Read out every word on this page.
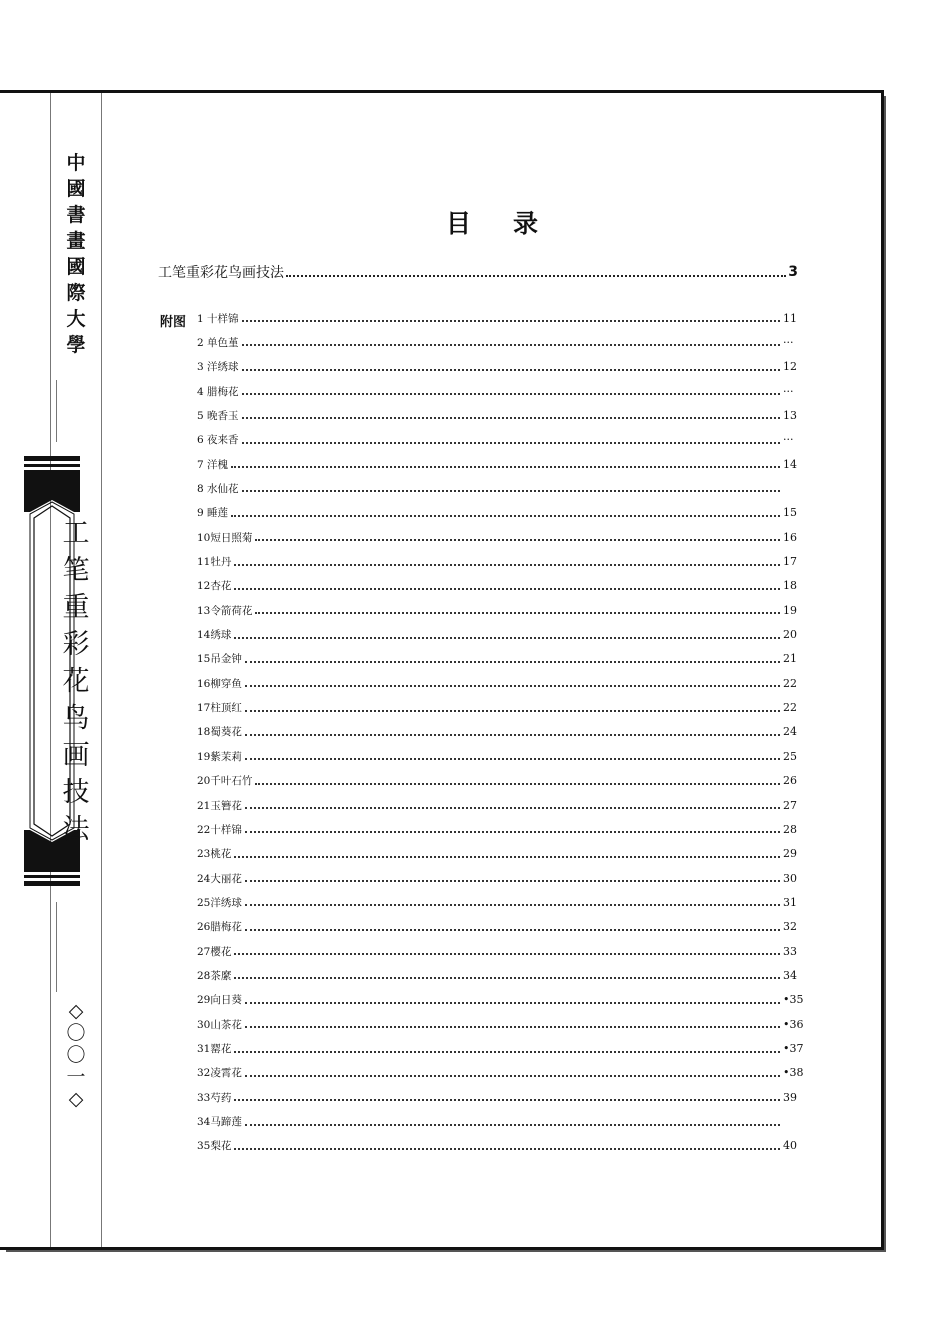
中
國
書
畫
國
際
大
學
工
笔
重
彩
花
鸟
画
技
法
◇
〇
〇
一
◇
目录
工笔重彩花鸟画技法	3
附图 1 十样锦	11
2 单色堇	···
3 洋绣球	12
4 腊梅花	···
5 晚香玉	13
6 夜来香	···
7 洋槐	14
8 水仙花
9 睡莲	15
10短日照菊	16
11牡丹	17
12杏花	18
13令箭荷花	19
14绣球	20
15吊金钟	21
16柳穿鱼	22
17柱顶红	22
18蜀葵花	24
19紫茉莉	25
20千叶石竹	26
21玉簪花	27
22十样锦	28
23桃花	29
24大丽花	30
25洋绣球	31
26腊梅花	32
27樱花	33
28茶縻	34
29向日葵	•35
30山茶花	•36
31罂花	•37
32凌霄花	•38
33芍药	39
34马蹄莲
35梨花	40
